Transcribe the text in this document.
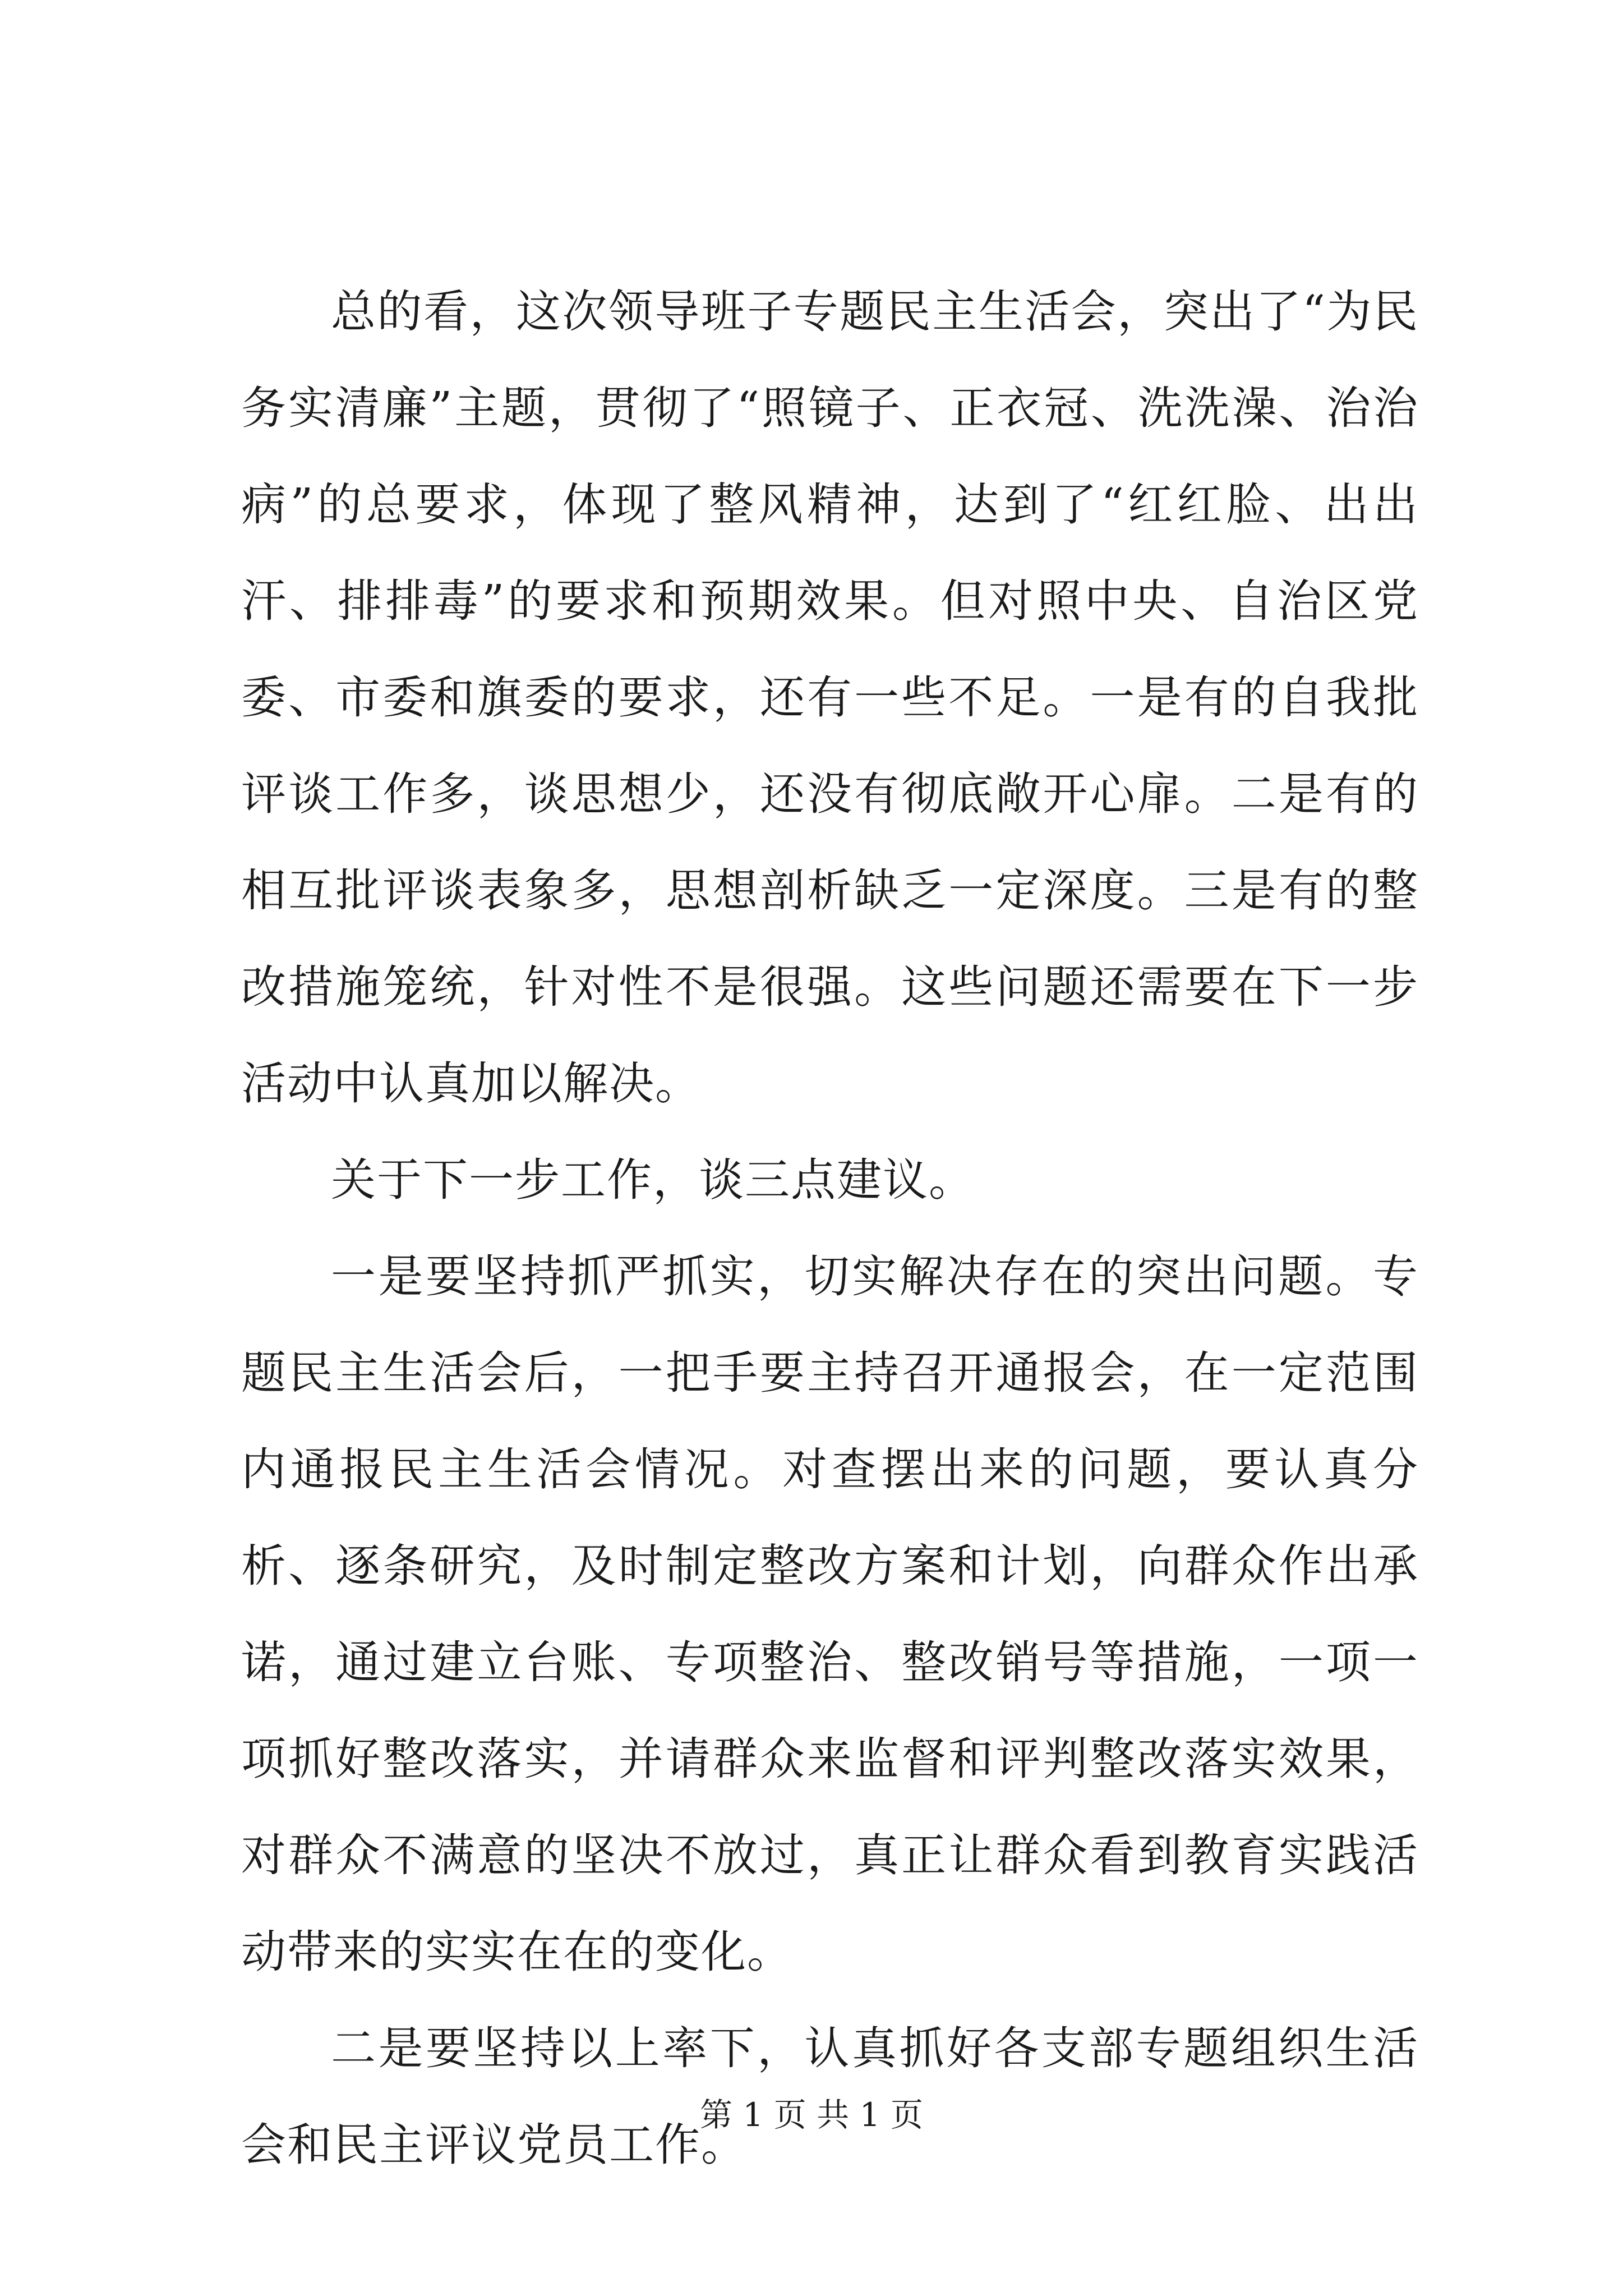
总的看，这次领导班子专题民主生活会，突出了“为民务实清廉”主题，贯彻了“照镜子、正衣冠、洗洗澡、治治病”的总要求，体现了整风精神，达到了“红红脸、出出汗、排排毒”的要求和预期效果。但对照中央、自治区党委、市委和旗委的要求，还有一些不足。一是有的自我批评谈工作多，谈思想少，还没有彻底敞开心扉。二是有的相互批评谈表象多，思想剖析缺乏一定深度。三是有的整改措施笼统，针对性不是很强。这些问题还需要在下一步活动中认真加以解决。

关于下一步工作，谈三点建议。

一是要坚持抓严抓实，切实解决存在的突出问题。专题民主生活会后，一把手要主持召开通报会，在一定范围内通报民主生活会情况。对查摆出来的问题，要认真分析、逐条研究，及时制定整改方案和计划，向群众作出承诺，通过建立台账、专项整治、整改销号等措施，一项一项抓好整改落实，并请群众来监督和评判整改落实效果，对群众不满意的坚决不放过，真正让群众看到教育实践活动带来的实实在在的变化。

二是要坚持以上率下，认真抓好各支部专题组织生活会和民主评议党员工作。

第 1 页 共 1 页
